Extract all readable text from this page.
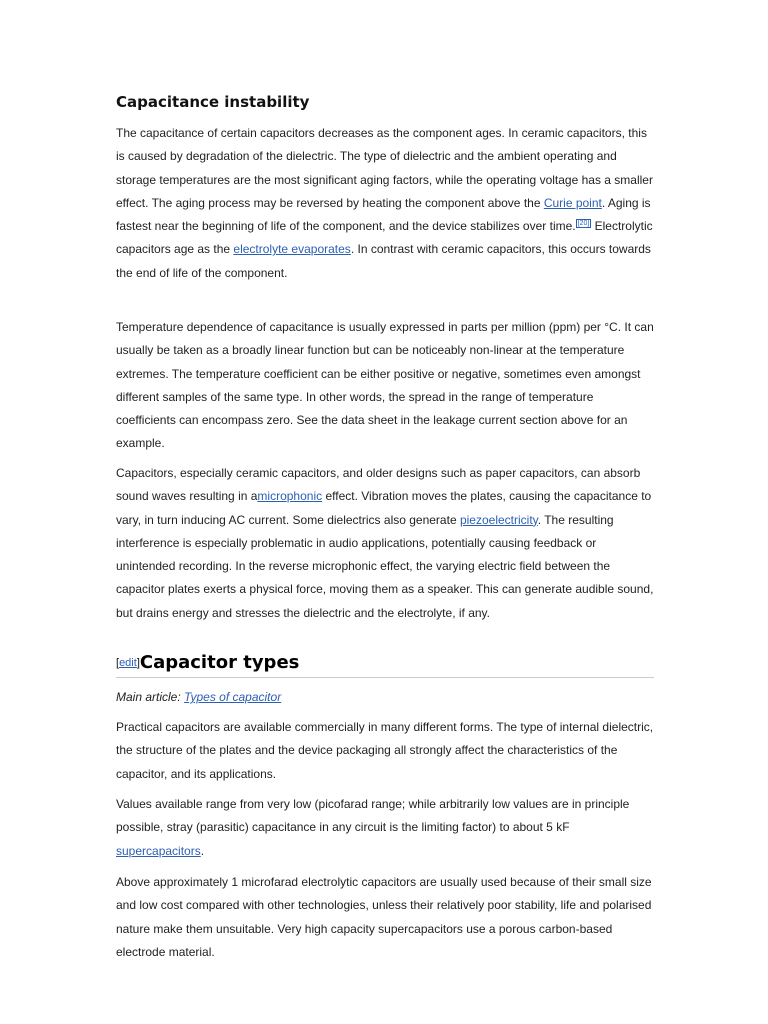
Capacitance instability

The capacitance of certain capacitors decreases as the component ages. In ceramic capacitors, this is caused by degradation of the dielectric. The type of dielectric and the ambient operating and storage temperatures are the most significant aging factors, while the operating voltage has a smaller effect. The aging process may be reversed by heating the component above the Curie point. Aging is fastest near the beginning of life of the component, and the device stabilizes over time. [20] Electrolytic capacitors age as the electrolyte evaporates. In contrast with ceramic capacitors, this occurs towards the end of life of the component.

Temperature dependence of capacitance is usually expressed in parts per million (ppm) per °C. It can usually be taken as a broadly linear function but can be noticeably non-linear at the temperature extremes. The temperature coefficient can be either positive or negative, sometimes even amongst different samples of the same type. In other words, the spread in the range of temperature coefficients can encompass zero. See the data sheet in the leakage current section above for an example.

Capacitors, especially ceramic capacitors, and older designs such as paper capacitors, can absorb sound waves resulting in amicrophonic effect. Vibration moves the plates, causing the capacitance to vary, in turn inducing AC current. Some dielectrics also generate piezoelectricity. The resulting interference is especially problematic in audio applications, potentially causing feedback or unintended recording. In the reverse microphonic effect, the varying electric field between the capacitor plates exerts a physical force, moving them as a speaker. This can generate audible sound, but drains energy and stresses the dielectric and the electrolyte, if any.

[edit]Capacitor types

Main article: Types of capacitor

Practical capacitors are available commercially in many different forms. The type of internal dielectric, the structure of the plates and the device packaging all strongly affect the characteristics of the capacitor, and its applications.

Values available range from very low (picofarad range; while arbitrarily low values are in principle possible, stray (parasitic) capacitance in any circuit is the limiting factor) to about 5 kF supercapacitors.

Above approximately 1 microfarad electrolytic capacitors are usually used because of their small size and low cost compared with other technologies, unless their relatively poor stability, life and polarised nature make them unsuitable. Very high capacity supercapacitors use a porous carbon-based electrode material.
